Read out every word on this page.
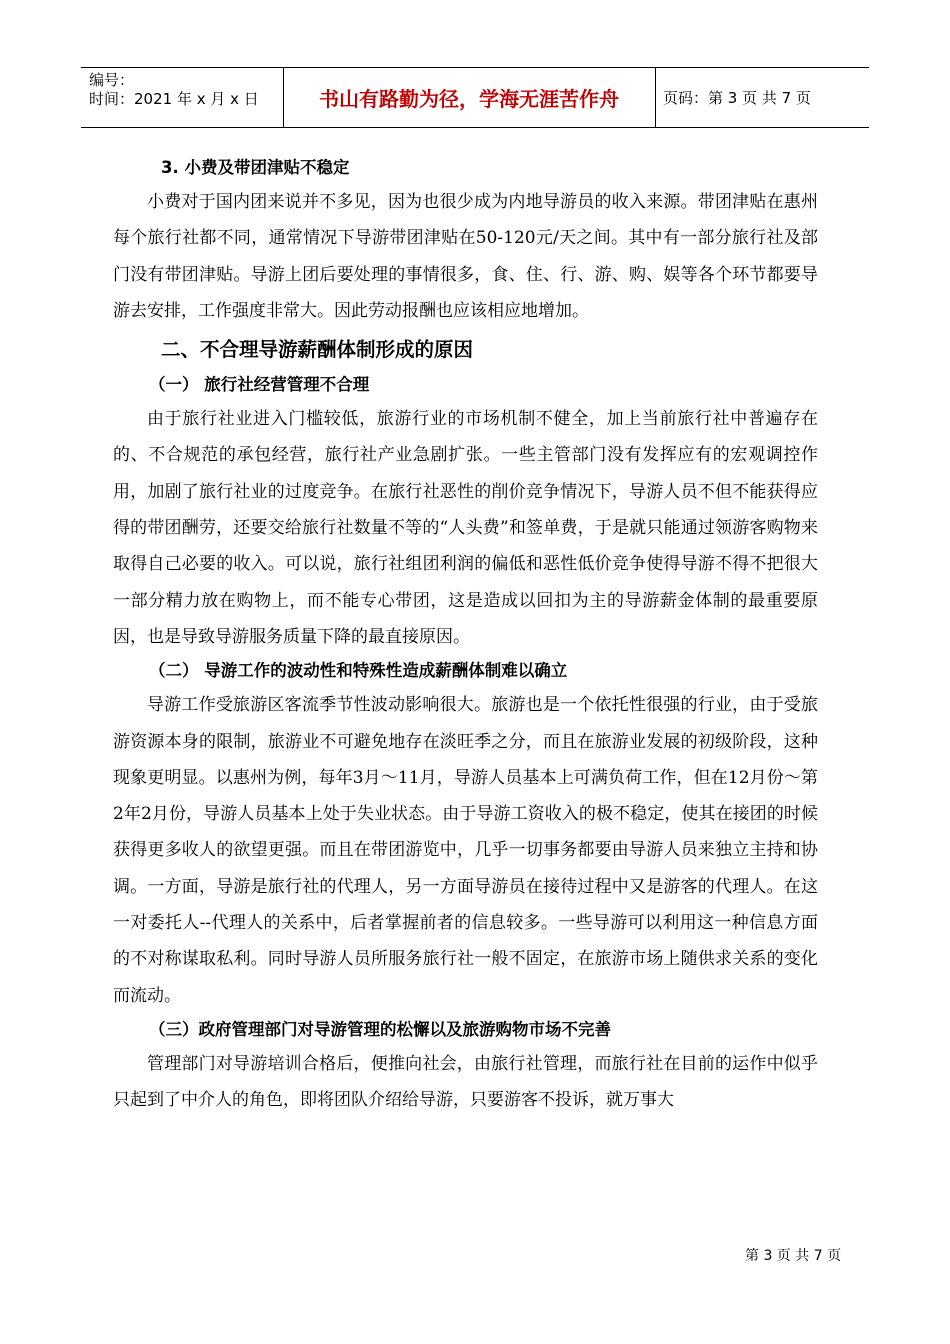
编号：
时间：2021 年 x 月 x 日	书山有路勤为径，学海无涯苦作舟	页码：第 3 页 共 7 页
3. 小费及带团津贴不稳定

小费对于国内团来说并不多见，因为也很少成为内地导游员的收入来源。带团津贴在惠州每个旅行社都不同，通常情况下导游带团津贴在50-120元/天之间。其中有一部分旅行社及部门没有带团津贴。导游上团后要处理的事情很多，食、住、行、游、购、娱等各个环节都要导游去安排，工作强度非常大。因此劳动报酬也应该相应地增加。

二、不合理导游薪酬体制形成的原因
（一） 旅行社经营管理不合理

由于旅行社业进入门槛较低，旅游行业的市场机制不健全，加上当前旅行社中普遍存在的、不合规范的承包经营，旅行社产业急剧扩张。一些主管部门没有发挥应有的宏观调控作用，加剧了旅行社业的过度竞争。在旅行社恶性的削价竞争情况下，导游人员不但不能获得应得的带团酬劳，还要交给旅行社数量不等的“人头费”和签单费，于是就只能通过领游客购物来取得自己必要的收入。可以说，旅行社组团利润的偏低和恶性低价竞争使得导游不得不把很大一部分精力放在购物上，而不能专心带团，这是造成以回扣为主的导游薪金体制的最重要原因，也是导致导游服务质量下降的最直接原因。

（二） 导游工作的波动性和特殊性造成薪酬体制难以确立

导游工作受旅游区客流季节性波动影响很大。旅游也是一个依托性很强的行业，由于受旅游资源本身的限制，旅游业不可避免地存在淡旺季之分，而且在旅游业发展的初级阶段，这种现象更明显。以惠州为例，每年3月～11月，导游人员基本上可满负荷工作，但在12月份～第2年2月份，导游人员基本上处于失业状态。由于导游工资收入的极不稳定，使其在接团的时候获得更多收人的欲望更强。而且在带团游览中，几乎一切事务都要由导游人员来独立主持和协调。一方面，导游是旅行社的代理人，另一方面导游员在接待过程中又是游客的代理人。在这一对委托人--代理人的关系中，后者掌握前者的信息较多。一些导游可以利用这一种信息方面的不对称谋取私利。同时导游人员所服务旅行社一般不固定，在旅游市场上随供求关系的变化而流动。

（三）政府管理部门对导游管理的松懈以及旅游购物市场不完善

管理部门对导游培训合格后，便推向社会，由旅行社管理，而旅行社在目前的运作中似乎只起到了中介人的角色，即将团队介绍给导游，只要游客不投诉，就万事大

第 3 页 共 7 页
